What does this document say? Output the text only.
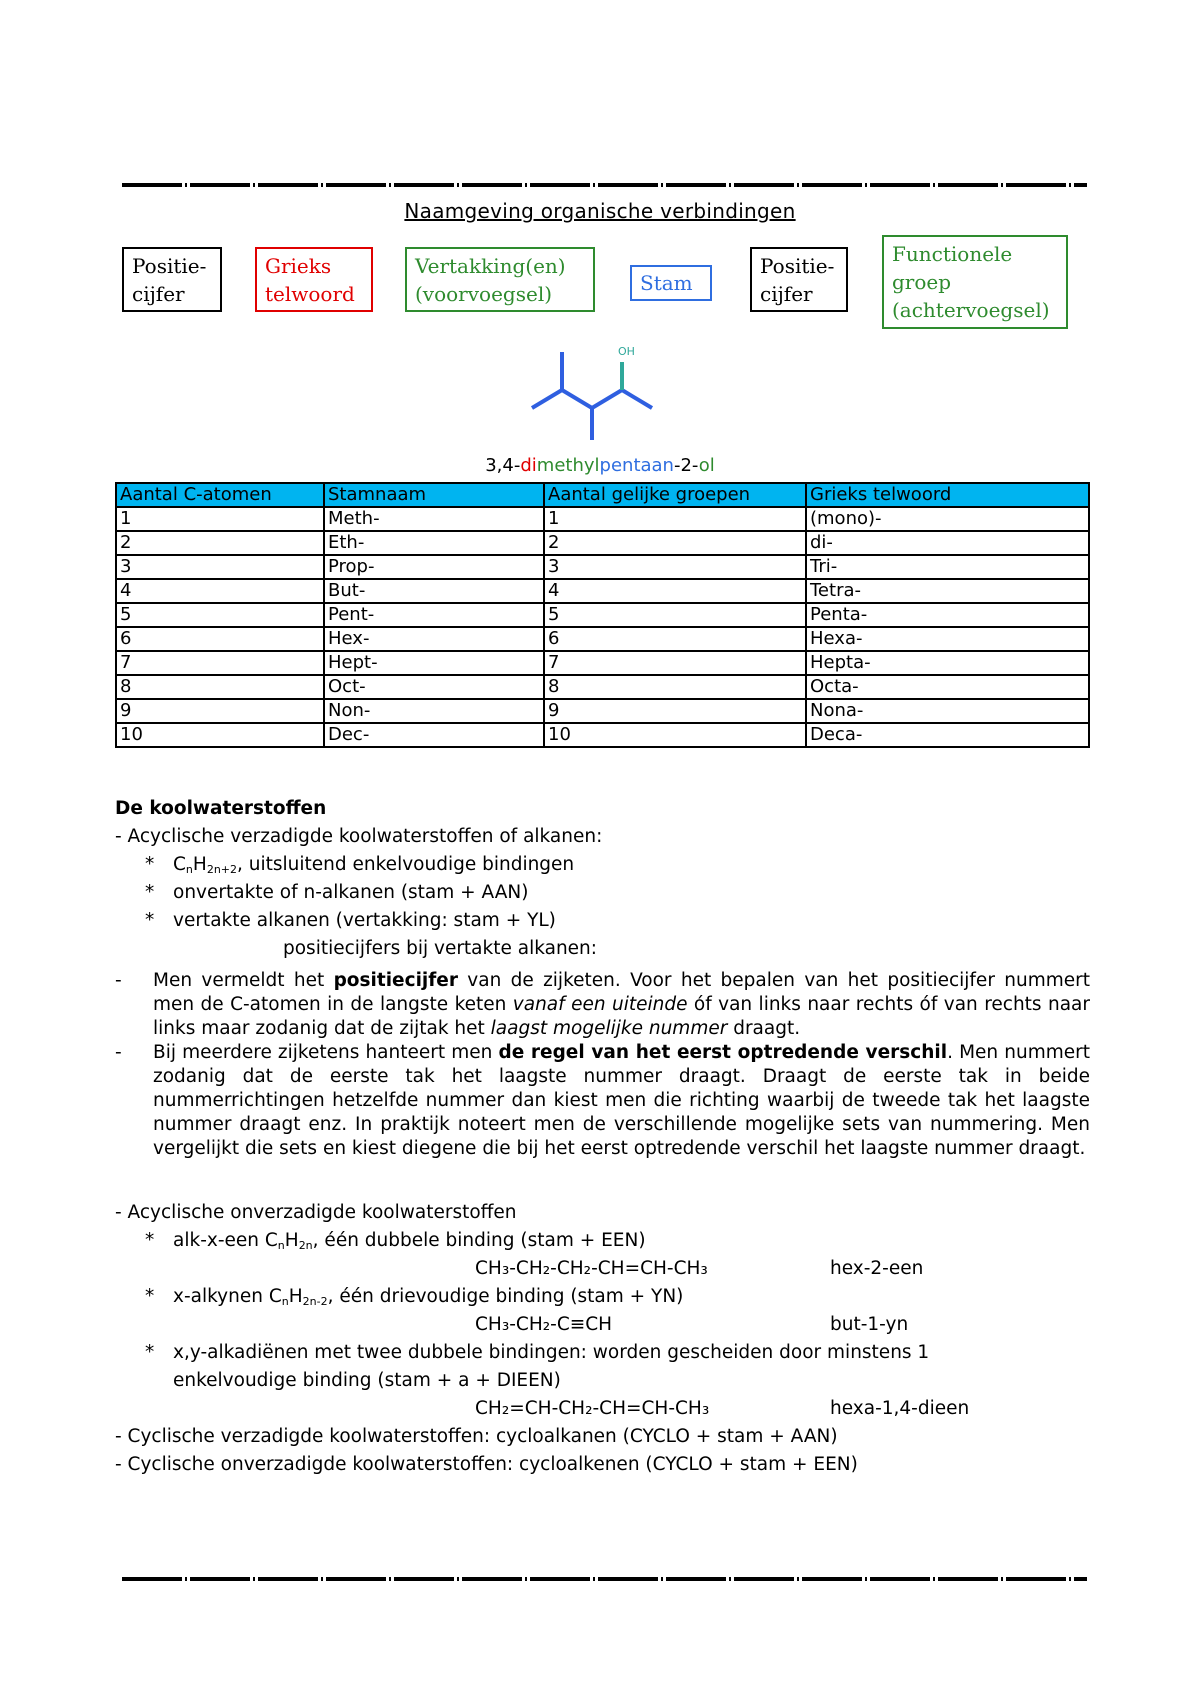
Naamgeving organische verbindingen
Positie-
cijfer
Grieks
telwoord
Vertakking(en)
(voorvoegsel)	Stam
Positie-
cijfer
Functionele
groep
(achtervoegsel)
OH
3,4-dimethylpentaan-2-ol
Aantal C-atomen	Stamnaam	Aantal gelijke groepen	Grieks telwoord
1	Meth-	1	(mono)-
2	Eth-	2	di-
3	Prop-	3	Tri-
4	But-	4	Tetra-
5	Pent-	5	Penta-
6	Hex-	6	Hexa-
7	Hept-	7	Hepta-
8	Oct-	8	Octa-
9	Non-	9	Nona-
10	Dec-	10	Deca-

De koolwaterstoffen

- Acyclische verzadigde koolwaterstoffen of alkanen:

* $C_nH_{2n+2}$, uitsluitend enkelvoudige bindingen

* onvertakte of n-alkanen (stam + AAN)

* vertakte alkanen (vertakking: stam + YL)

positiecijfers bij vertakte alkanen:

-	Men vermeldt het positiecijfer van de zijketen. Voor het bepalen van het positiecijfer nummert men de C-atomen in de langste keten vanaf een uiteinde óf van links naar rechts óf van rechts naar links maar zodanig dat de zijtak het laagst mogelijke nummer draagt.
-	Bij meerdere zijketens hanteert men de regel van het eerst optredende verschil. Men nummert zodanig dat de eerste tak het laagste nummer draagt. Draagt de eerste tak in beide nummerrichtingen hetzelfde nummer dan kiest men die richting waarbij de tweede tak het laagste nummer draagt enz. In praktijk noteert men de verschillende mogelijke sets van nummering. Men vergelijkt die sets en kiest diegene die bij het eerst optredende verschil het laagste nummer draagt.

- Acyclische onverzadigde koolwaterstoffen

* alk-x-een $C_nH_{2n}$, één dubbele binding (stam + EEN)

CH₃-CH₂-CH₂-CH=CH-CH₃	hex-2-een

* x-alkynen $C_nH_{2n-2}$, één drievoudige binding (stam + YN)

CH₃-CH₂-C≡CH	but-1-yn

* x,y-alkadiënen met twee dubbele bindingen: worden gescheiden door minstens 1

enkelvoudige binding (stam + a + DIEEN)

CH₂=CH-CH₂-CH=CH-CH₃	hexa-1,4-dieen

- Cyclische verzadigde koolwaterstoffen: cycloalkanen (CYCLO + stam + AAN)

- Cyclische onverzadigde koolwaterstoffen: cycloalkenen (CYCLO + stam + EEN)
